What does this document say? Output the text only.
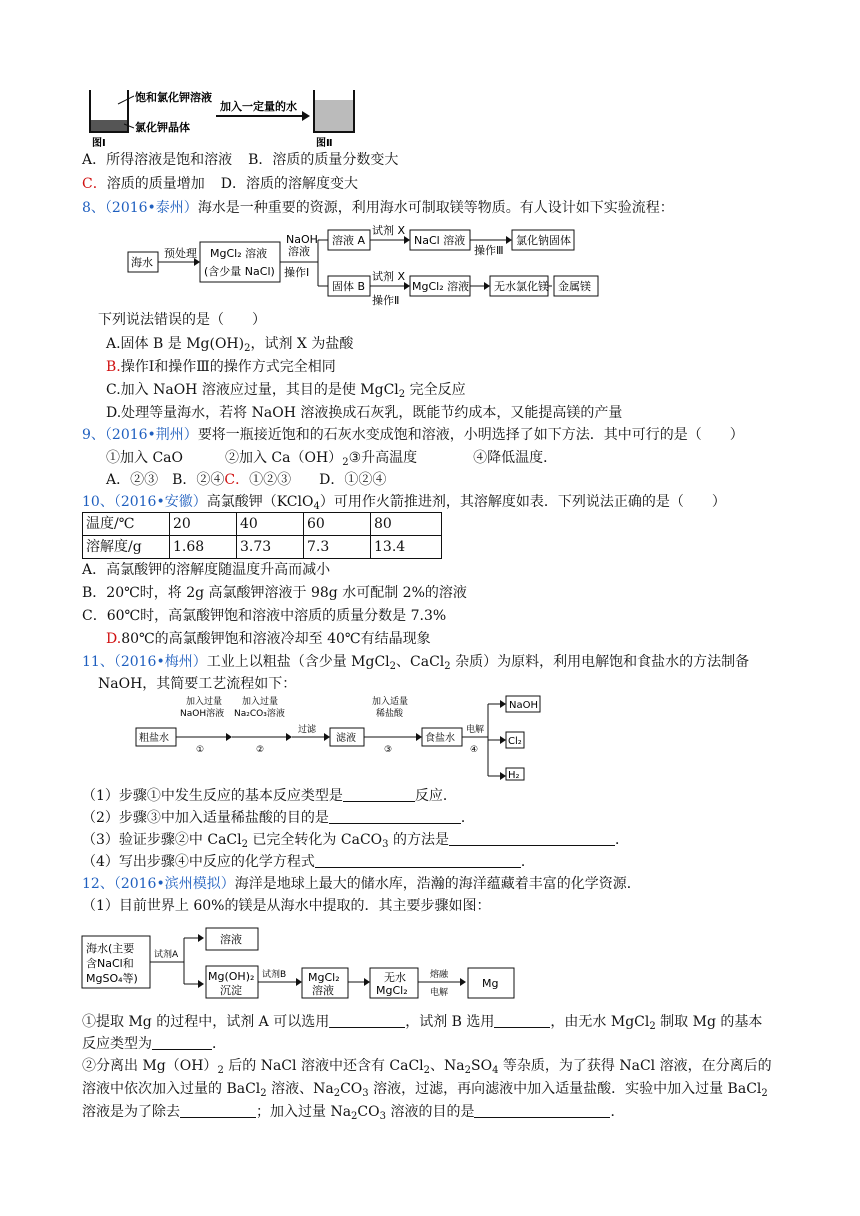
饱和氯化钾溶液
氯化钾晶体
图Ⅰ
加入一定量的水
图Ⅱ
A．所得溶液是饱和溶液 B．溶质的质量分数变大
C．溶质的质量增加 D．溶质的溶解度变大
8、（2016•泰州）海水是一种重要的资源，利用海水可制取镁等物质。有人设计如下实验流程：
海水
预处理 MgCl₂ 溶液
(含少量 NaCl)
NaOH
溶液
操作Ⅰ
溶液 A
试剂 X
NaCl 溶液
操作Ⅲ
氯化钠固体
固体 B
试剂 X
操作Ⅱ
MgCl₂ 溶液 无水氯化镁 金属镁
下列说法错误的是（　　）
A.固体 B 是 $Mg(OH)_2$，试剂 X 为盐酸
B.操作Ⅰ和操作Ⅲ的操作方式完全相同
C.加入 NaOH 溶液应过量，其目的是使 MgCl$_2$ 完全反应
D.处理等量海水，若将 NaOH 溶液换成石灰乳，既能节约成本，又能提高镁的产量
9、（2016•荆州）要将一瓶接近饱和的石灰水变成饱和溶液，小明选择了如下方法．其中可行的是（　　）
①加入 CaO　　　②加入 $Ca(OH)_2③$升高温度　　　　④降低温度．
A．②③　B．②④C．①②③　　D．①②④
10、（2016•安徽）高氯酸钾（KClO$_4$）可用作火箭推进剂，其溶解度如表．下列说法正确的是（　　）
温度/℃	20	40	60	80
溶解度/g	1.68	3.73	7.3	13.4
A．高氯酸钾的溶解度随温度升高而减小
B．20℃时，将 2g 高氯酸钾溶液于 98g 水可配制 2%的溶液
C．60℃时，高氯酸钾饱和溶液中溶质的质量分数是 7.3%
D.80℃的高氯酸钾饱和溶液冷却至 40℃有结晶现象
11、（2016•梅州）工业上以粗盐（含少量 MgCl$_2$、CaCl$_2$ 杂质）为原料，利用电解饱和食盐水的方法制备
NaOH，其简要工艺流程如下：
粗盐水
加入过量
NaOH溶液
①
加入过量
Na₂CO₃溶液
②
过滤
滤液
加入适量
稀盐酸
③
食盐水
电解
④
NaOH
Cl₂
H₂
（1）步骤①中发生反应的基本反应类型是	反应．
（2）步骤③中加入适量稀盐酸的目的是	．
（3）验证步骤②中 CaCl$_2$ 已完全转化为 CaCO$_3$ 的方法是	．
（4）写出步骤④中反应的化学方程式	．
12、（2016•滨州模拟）海洋是地球上最大的储水库，浩瀚的海洋蕴藏着丰富的化学资源．
（1）目前世界上 60%的镁是从海水中提取的．其主要步骤如图：
海水(主要
含NaCl和
MgSO₄等)
试剂A
溶液
Mg(OH)₂
沉淀
试剂B MgCl₂
溶液
无水
MgCl₂
熔融
电解
Mg
①提取 Mg 的过程中，试剂 A 可以选用	，试剂 B 选用	，由无水 MgCl$_2$ 制取 Mg 的基本
反应类型为	．
②分离出 $Mg(OH)_2$ 后的 NaCl 溶液中还含有 CaCl$_2$、$Na_2SO_4$ 等杂质，为了获得 NaCl 溶液，在分离后的
溶液中依次加入过量的 BaCl$_2$ 溶液、$Na_2CO_3$ 溶液，过滤，再向滤液中加入适量盐酸．实验中加入过量 BaCl$_2$
溶液是为了除去	；加入过量 $Na_2CO_3$ 溶液的目的是	．
